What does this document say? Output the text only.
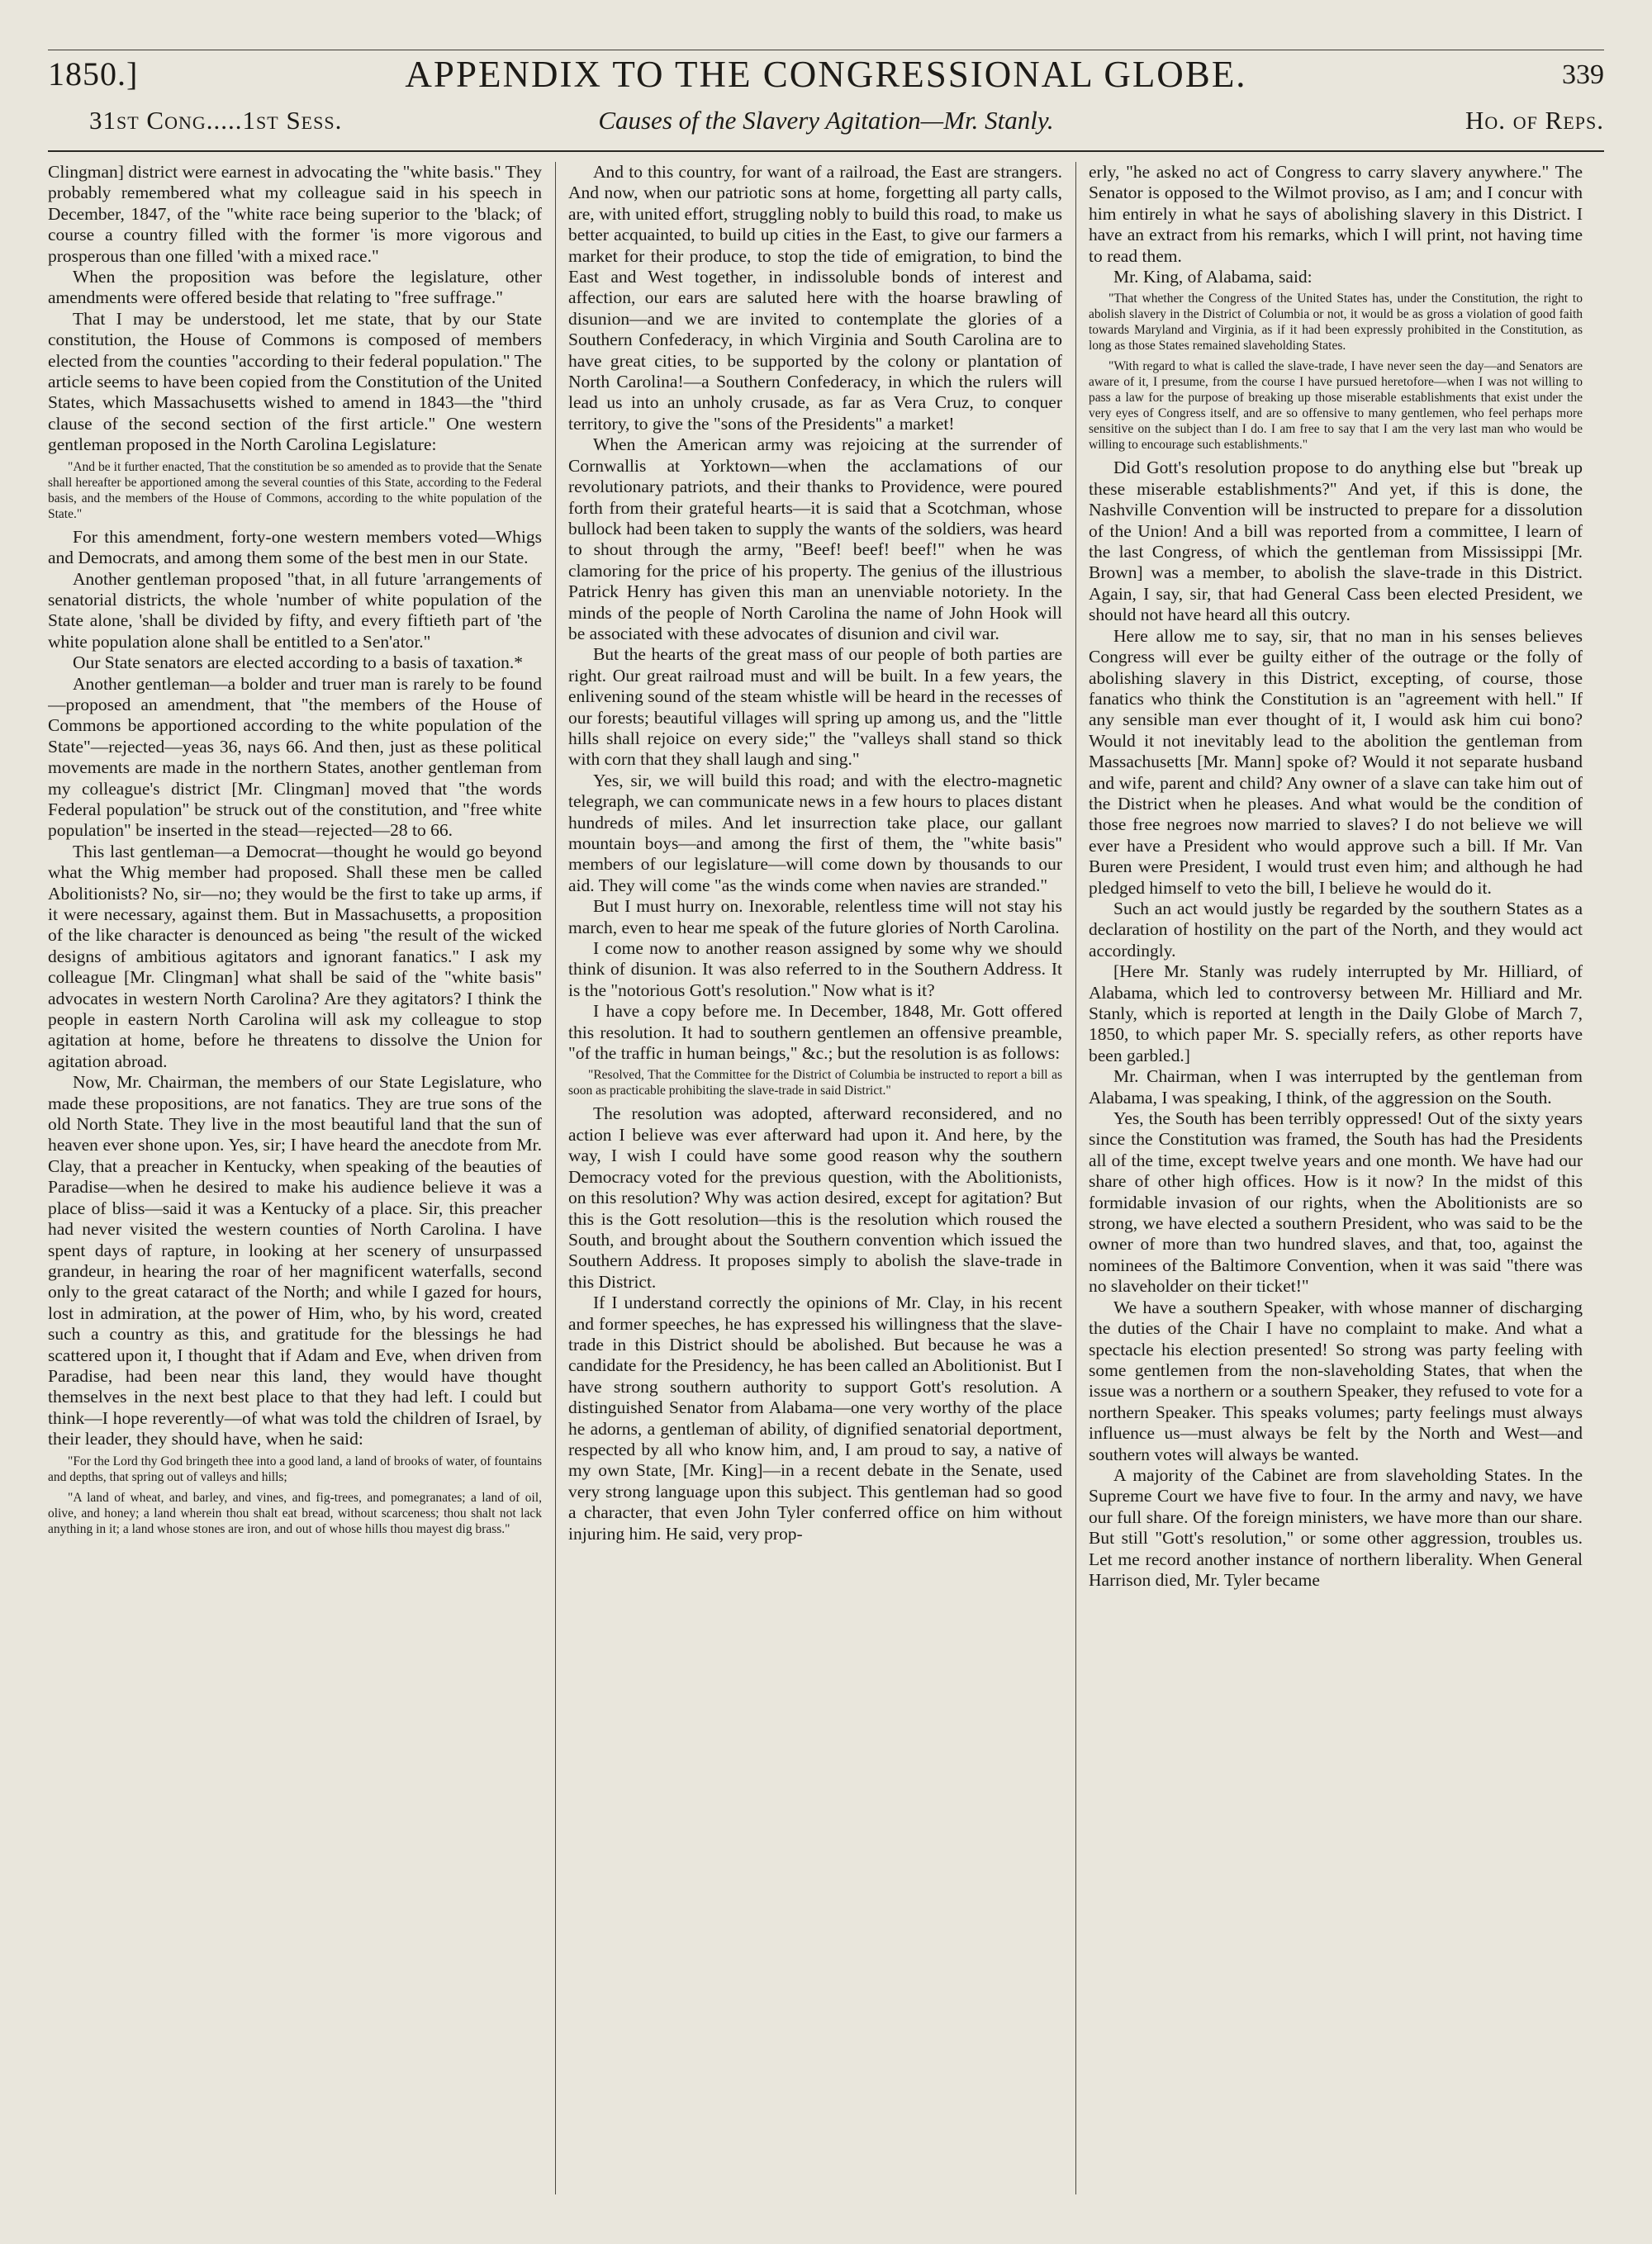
1850.]	APPENDIX TO THE CONGRESSIONAL GLOBE.	339
31st Cong.....1st Sess.	Causes of the Slavery Agitation—Mr. Stanly.	Ho. of Reps.

Clingman] district were earnest in advocating the "white basis." They probably remembered what my colleague said in his speech in December, 1847, of the "white race being superior to the 'black; of course a country filled with the former 'is more vigorous and prosperous than one filled 'with a mixed race."

When the proposition was before the legislature, other amendments were offered beside that relating to "free suffrage."

That I may be understood, let me state, that by our State constitution, the House of Commons is composed of members elected from the counties "according to their federal population." The article seems to have been copied from the Constitution of the United States, which Massachusetts wished to amend in 1843—the "third clause of the second section of the first article." One western gentleman proposed in the North Carolina Legislature:

"And be it further enacted, That the constitution be so amended as to provide that the Senate shall hereafter be apportioned among the several counties of this State, according to the Federal basis, and the members of the House of Commons, according to the white population of the State."

For this amendment, forty-one western members voted—Whigs and Democrats, and among them some of the best men in our State.

Another gentleman proposed "that, in all future 'arrangements of senatorial districts, the whole 'number of white population of the State alone, 'shall be divided by fifty, and every fiftieth part of 'the white population alone shall be entitled to a Sen'ator."

Our State senators are elected according to a basis of taxation.*

Another gentleman—a bolder and truer man is rarely to be found—proposed an amendment, that "the members of the House of Commons be apportioned according to the white population of the State"—rejected—yeas 36, nays 66. And then, just as these political movements are made in the northern States, another gentleman from my colleague's district [Mr. Clingman] moved that "the words Federal population" be struck out of the constitution, and "free white population" be inserted in the stead—rejected—28 to 66.

This last gentleman—a Democrat—thought he would go beyond what the Whig member had proposed. Shall these men be called Abolitionists? No, sir—no; they would be the first to take up arms, if it were necessary, against them. But in Massachusetts, a proposition of the like character is denounced as being "the result of the wicked designs of ambitious agitators and ignorant fanatics." I ask my colleague [Mr. Clingman] what shall be said of the "white basis" advocates in western North Carolina? Are they agitators? I think the people in eastern North Carolina will ask my colleague to stop agitation at home, before he threatens to dissolve the Union for agitation abroad.

Now, Mr. Chairman, the members of our State Legislature, who made these propositions, are not fanatics. They are true sons of the old North State. They live in the most beautiful land that the sun of heaven ever shone upon. Yes, sir; I have heard the anecdote from Mr. Clay, that a preacher in Kentucky, when speaking of the beauties of Paradise—when he desired to make his audience believe it was a place of bliss—said it was a Kentucky of a place. Sir, this preacher had never visited the western counties of North Carolina. I have spent days of rapture, in looking at her scenery of unsurpassed grandeur, in hearing the roar of her magnificent waterfalls, second only to the great cataract of the North; and while I gazed for hours, lost in admiration, at the power of Him, who, by his word, created such a country as this, and gratitude for the blessings he had scattered upon it, I thought that if Adam and Eve, when driven from Paradise, had been near this land, they would have thought themselves in the next best place to that they had left. I could but think—I hope reverently—of what was told the children of Israel, by their leader, they should have, when he said:

"For the Lord thy God bringeth thee into a good land, a land of brooks of water, of fountains and depths, that spring out of valleys and hills;

"A land of wheat, and barley, and vines, and fig-trees, and pomegranates; a land of oil, olive, and honey; a land wherein thou shalt eat bread, without scarceness; thou shalt not lack anything in it; a land whose stones are iron, and out of whose hills thou mayest dig brass."

And to this country, for want of a railroad, the East are strangers. And now, when our patriotic sons at home, forgetting all party calls, are, with united effort, struggling nobly to build this road, to make us better acquainted, to build up cities in the East, to give our farmers a market for their produce, to stop the tide of emigration, to bind the East and West together, in indissoluble bonds of interest and affection, our ears are saluted here with the hoarse brawling of disunion—and we are invited to contemplate the glories of a Southern Confederacy, in which Virginia and South Carolina are to have great cities, to be supported by the colony or plantation of North Carolina!—a Southern Confederacy, in which the rulers will lead us into an unholy crusade, as far as Vera Cruz, to conquer territory, to give the "sons of the Presidents" a market!

When the American army was rejoicing at the surrender of Cornwallis at Yorktown—when the acclamations of our revolutionary patriots, and their thanks to Providence, were poured forth from their grateful hearts—it is said that a Scotchman, whose bullock had been taken to supply the wants of the soldiers, was heard to shout through the army, "Beef! beef! beef!" when he was clamoring for the price of his property. The genius of the illustrious Patrick Henry has given this man an unenviable notoriety. In the minds of the people of North Carolina the name of John Hook will be associated with these advocates of disunion and civil war.

But the hearts of the great mass of our people of both parties are right. Our great railroad must and will be built. In a few years, the enlivening sound of the steam whistle will be heard in the recesses of our forests; beautiful villages will spring up among us, and the "little hills shall rejoice on every side;" the "valleys shall stand so thick with corn that they shall laugh and sing."

Yes, sir, we will build this road; and with the electro-magnetic telegraph, we can communicate news in a few hours to places distant hundreds of miles. And let insurrection take place, our gallant mountain boys—and among the first of them, the "white basis" members of our legislature—will come down by thousands to our aid. They will come "as the winds come when navies are stranded."

But I must hurry on. Inexorable, relentless time will not stay his march, even to hear me speak of the future glories of North Carolina.

I come now to another reason assigned by some why we should think of disunion. It was also referred to in the Southern Address. It is the "notorious Gott's resolution." Now what is it?

I have a copy before me. In December, 1848, Mr. Gott offered this resolution. It had to southern gentlemen an offensive preamble, "of the traffic in human beings," &c.; but the resolution is as follows:

"Resolved, That the Committee for the District of Columbia be instructed to report a bill as soon as practicable prohibiting the slave-trade in said District."

The resolution was adopted, afterward reconsidered, and no action I believe was ever afterward had upon it. And here, by the way, I wish I could have some good reason why the southern Democracy voted for the previous question, with the Abolitionists, on this resolution? Why was action desired, except for agitation? But this is the Gott resolution—this is the resolution which roused the South, and brought about the Southern convention which issued the Southern Address. It proposes simply to abolish the slave-trade in this District.

If I understand correctly the opinions of Mr. Clay, in his recent and former speeches, he has expressed his willingness that the slave-trade in this District should be abolished. But because he was a candidate for the Presidency, he has been called an Abolitionist. But I have strong southern authority to support Gott's resolution. A distinguished Senator from Alabama—one very worthy of the place he adorns, a gentleman of ability, of dignified senatorial deportment, respected by all who know him, and, I am proud to say, a native of my own State, [Mr. King]—in a recent debate in the Senate, used very strong language upon this subject. This gentleman had so good a character, that even John Tyler conferred office on him without injuring him. He said, very prop-

erly, "he asked no act of Congress to carry slavery anywhere." The Senator is opposed to the Wilmot proviso, as I am; and I concur with him entirely in what he says of abolishing slavery in this District. I have an extract from his remarks, which I will print, not having time to read them.

Mr. King, of Alabama, said:

"That whether the Congress of the United States has, under the Constitution, the right to abolish slavery in the District of Columbia or not, it would be as gross a violation of good faith towards Maryland and Virginia, as if it had been expressly prohibited in the Constitution, as long as those States remained slaveholding States.

"With regard to what is called the slave-trade, I have never seen the day—and Senators are aware of it, I presume, from the course I have pursued heretofore—when I was not willing to pass a law for the purpose of breaking up those miserable establishments that exist under the very eyes of Congress itself, and are so offensive to many gentlemen, who feel perhaps more sensitive on the subject than I do. I am free to say that I am the very last man who would be willing to encourage such establishments."

Did Gott's resolution propose to do anything else but "break up these miserable establishments?" And yet, if this is done, the Nashville Convention will be instructed to prepare for a dissolution of the Union! And a bill was reported from a committee, I learn of the last Congress, of which the gentleman from Mississippi [Mr. Brown] was a member, to abolish the slave-trade in this District. Again, I say, sir, that had General Cass been elected President, we should not have heard all this outcry.

Here allow me to say, sir, that no man in his senses believes Congress will ever be guilty either of the outrage or the folly of abolishing slavery in this District, excepting, of course, those fanatics who think the Constitution is an "agreement with hell." If any sensible man ever thought of it, I would ask him cui bono? Would it not inevitably lead to the abolition the gentleman from Massachusetts [Mr. Mann] spoke of? Would it not separate husband and wife, parent and child? Any owner of a slave can take him out of the District when he pleases. And what would be the condition of those free negroes now married to slaves? I do not believe we will ever have a President who would approve such a bill. If Mr. Van Buren were President, I would trust even him; and although he had pledged himself to veto the bill, I believe he would do it.

Such an act would justly be regarded by the southern States as a declaration of hostility on the part of the North, and they would act accordingly.

[Here Mr. Stanly was rudely interrupted by Mr. Hilliard, of Alabama, which led to controversy between Mr. Hilliard and Mr. Stanly, which is reported at length in the Daily Globe of March 7, 1850, to which paper Mr. S. specially refers, as other reports have been garbled.]

Mr. Chairman, when I was interrupted by the gentleman from Alabama, I was speaking, I think, of the aggression on the South.

Yes, the South has been terribly oppressed! Out of the sixty years since the Constitution was framed, the South has had the Presidents all of the time, except twelve years and one month. We have had our share of other high offices. How is it now? In the midst of this formidable invasion of our rights, when the Abolitionists are so strong, we have elected a southern President, who was said to be the owner of more than two hundred slaves, and that, too, against the nominees of the Baltimore Convention, when it was said "there was no slaveholder on their ticket!"

We have a southern Speaker, with whose manner of discharging the duties of the Chair I have no complaint to make. And what a spectacle his election presented! So strong was party feeling with some gentlemen from the non-slaveholding States, that when the issue was a northern or a southern Speaker, they refused to vote for a northern Speaker. This speaks volumes; party feelings must always influence us—must always be felt by the North and West—and southern votes will always be wanted.

A majority of the Cabinet are from slaveholding States. In the Supreme Court we have five to four. In the army and navy, we have our full share. Of the foreign ministers, we have more than our share. But still "Gott's resolution," or some other aggression, troubles us. Let me record another instance of northern liberality. When General Harrison died, Mr. Tyler became
